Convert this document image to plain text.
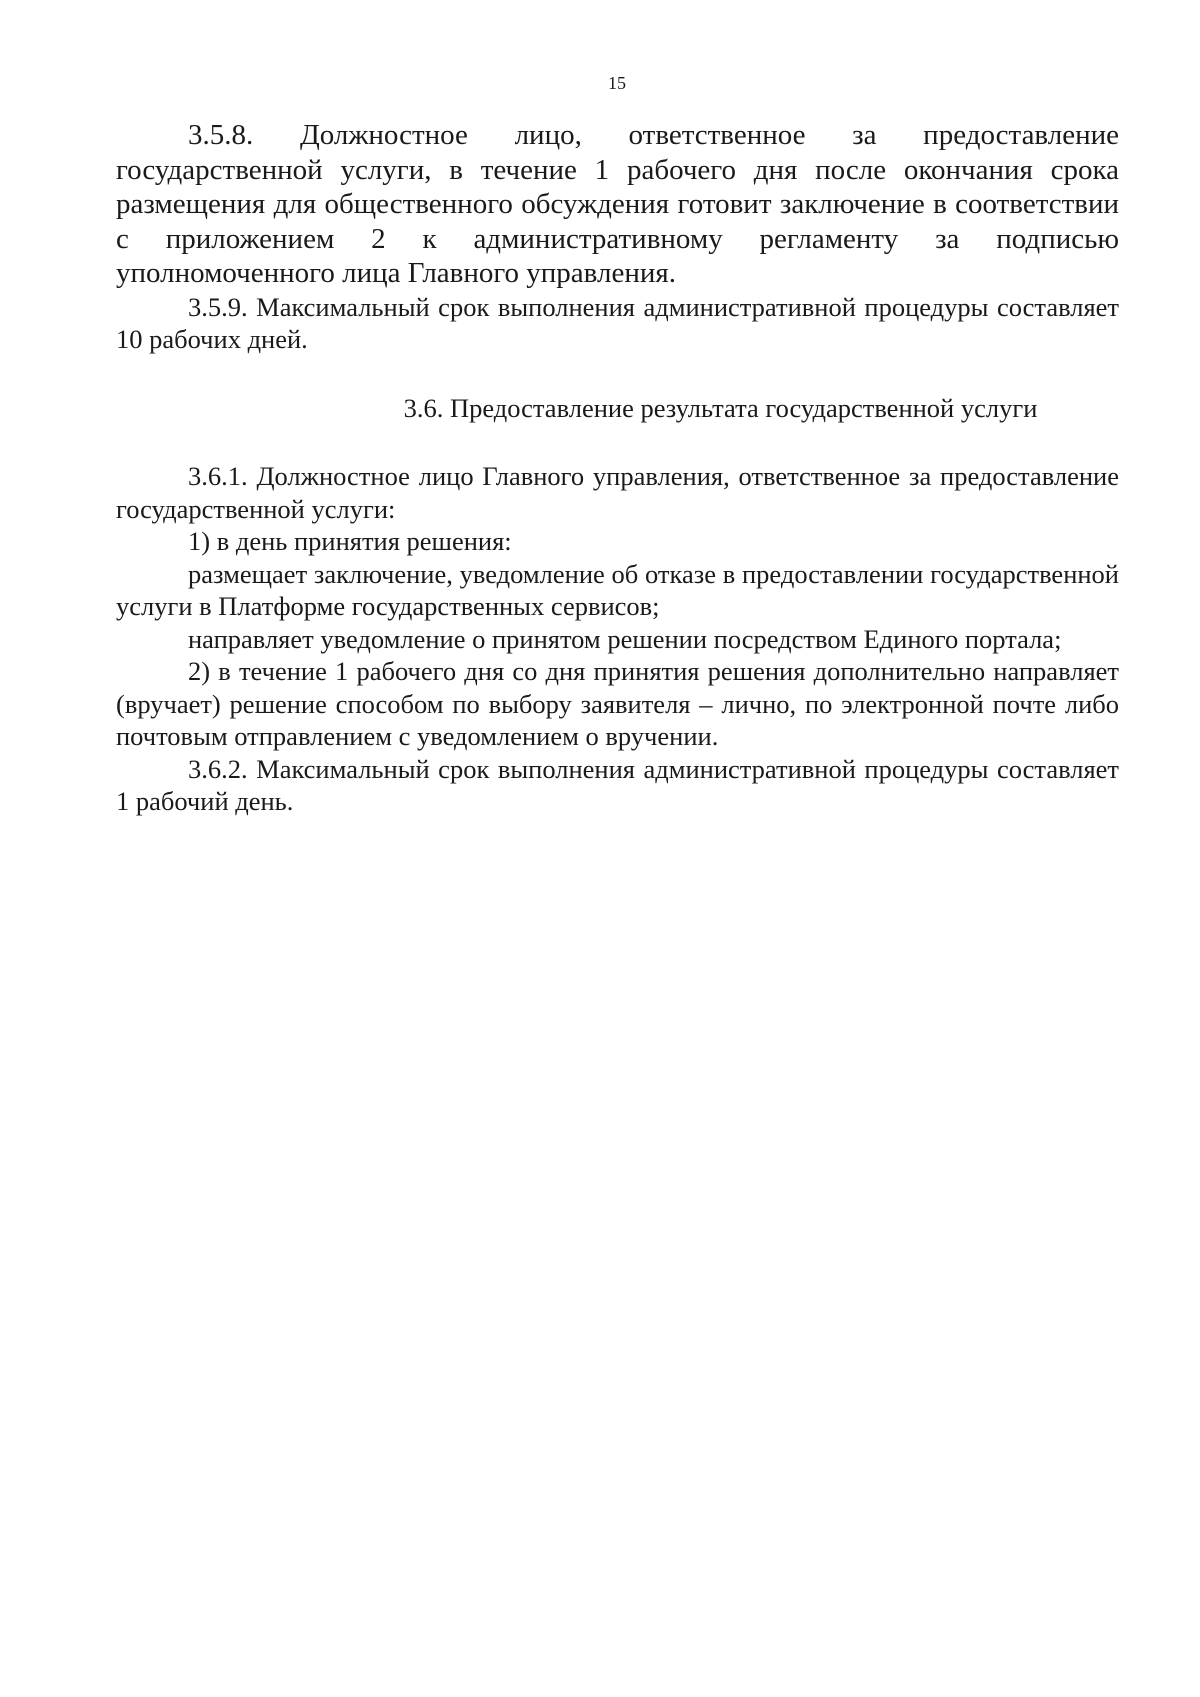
15

3.5.8. Должностное лицо, ответственное за предоставление государственной услуги, в течение 1 рабочего дня после окончания срока размещения для общественного обсуждения готовит заключение в соответствии с приложением 2 к административному регламенту за подписью уполномоченного лица Главного управления.

3.5.9. Максимальный срок выполнения административной процедуры составляет 10 рабочих дней.

3.6. Предоставление результата государственной услуги

3.6.1. Должностное лицо Главного управления, ответственное за предоставление государственной услуги:

1) в день принятия решения:

размещает заключение, уведомление об отказе в предоставлении государственной услуги в Платформе государственных сервисов;

направляет уведомление о принятом решении посредством Единого портала;

2) в течение 1 рабочего дня со дня принятия решения дополнительно направляет (вручает) решение способом по выбору заявителя – лично, по электронной почте либо почтовым отправлением с уведомлением о вручении.

3.6.2. Максимальный срок выполнения административной процедуры составляет 1 рабочий день.
